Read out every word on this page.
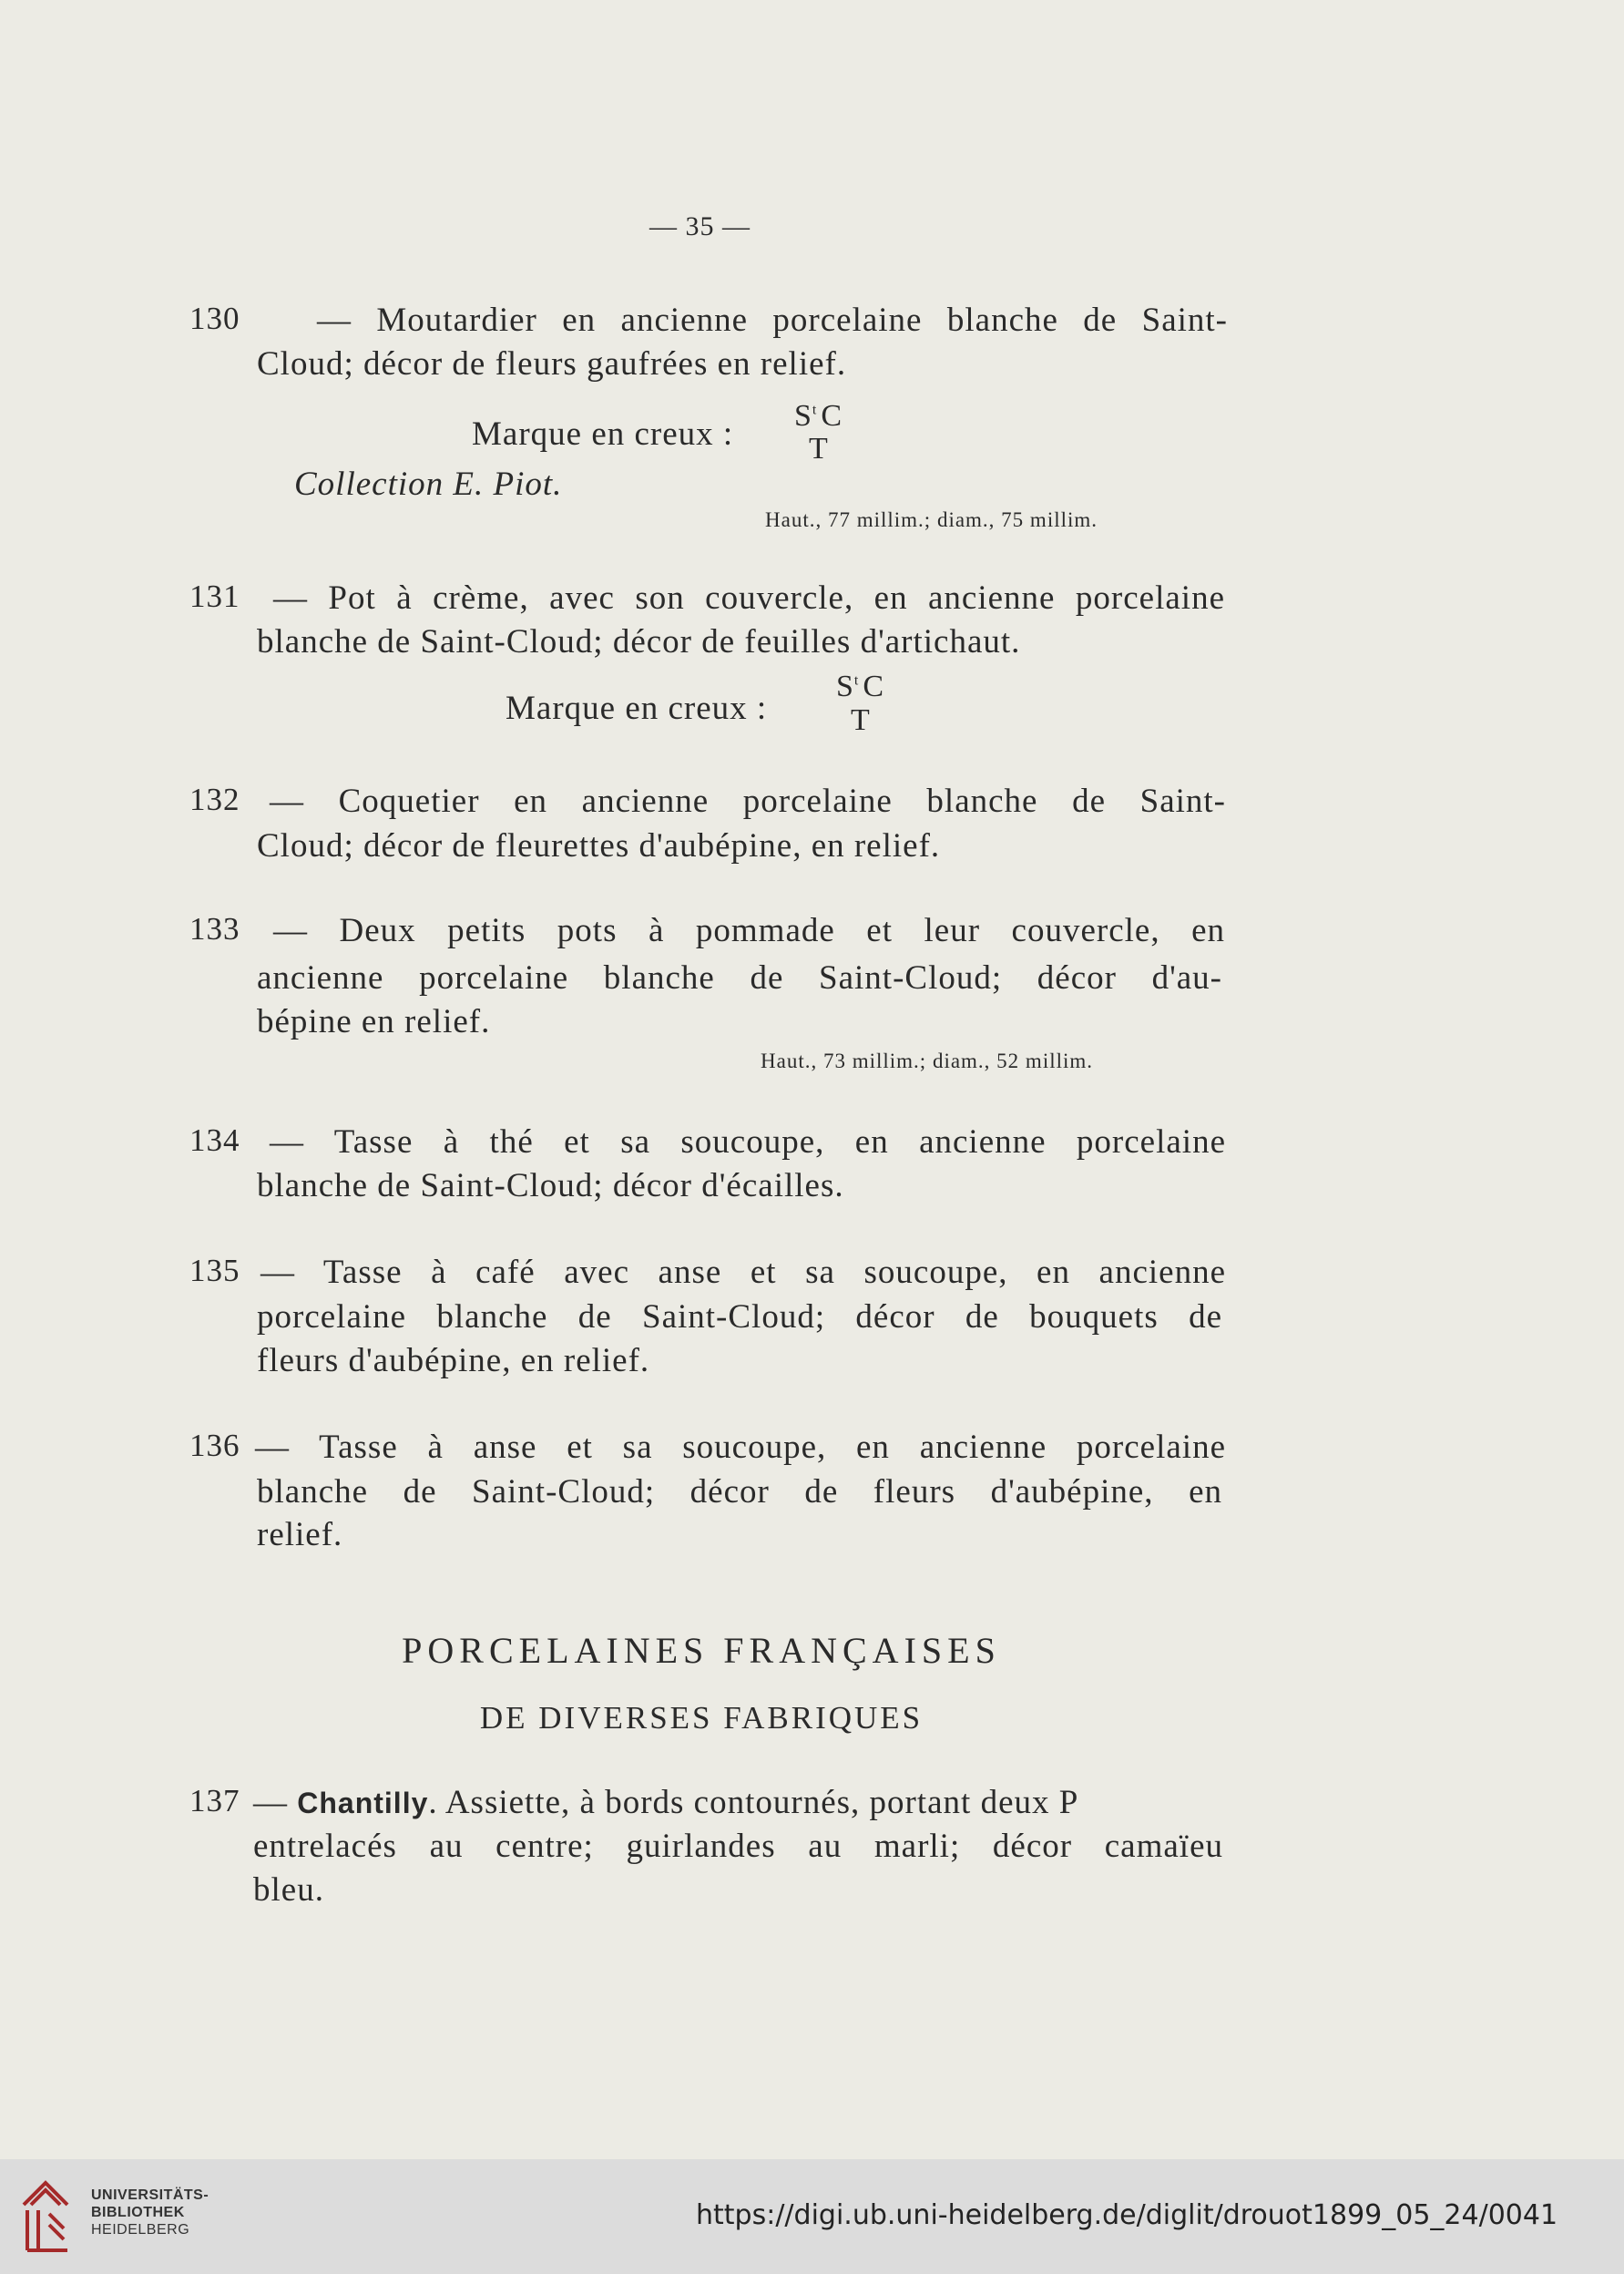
— 35 —
130 — Moutardier en ancienne porcelaine blanche de Saint-
Cloud; décor de fleurs gaufrées en relief.
Marque en creux : $S^t$ C
T
Collection E. Piot.
Haut., 77 millim.; diam., 75 millim.
131 — Pot à crème, avec son couvercle, en ancienne porcelaine
blanche de Saint-Cloud; décor de feuilles d'artichaut.
Marque en creux :
$S^t$ C
T
132 — Coquetier en ancienne porcelaine blanche de Saint-
Cloud; décor de fleurettes d'aubépine, en relief.
133 — Deux petits pots à pommade et leur couvercle, en
ancienne porcelaine blanche de Saint-Cloud; décor d'au-
bépine en relief.
Haut., 73 millim.; diam., 52 millim.
134 — Tasse à thé et sa soucoupe, en ancienne porcelaine
blanche de Saint-Cloud; décor d'écailles.
135 — Tasse à café avec anse et sa soucoupe, en ancienne
porcelaine blanche de Saint-Cloud; décor de bouquets de
fleurs d'aubépine, en relief.
136 — Tasse à anse et sa soucoupe, en ancienne porcelaine
blanche de Saint-Cloud; décor de fleurs d'aubépine, en
relief.
PORCELAINES FRANÇAISES
DE DIVERSES FABRIQUES
137 — Chantilly. Assiette, à bords contournés, portant deux P
entrelacés au centre; guirlandes au marli; décor camaïeu
bleu.
UNIVERSITÄTS-
BIBLIOTHEK
HEIDELBERG	https://digi.ub.uni-heidelberg.de/diglit/drouot1899_05_24/0041
